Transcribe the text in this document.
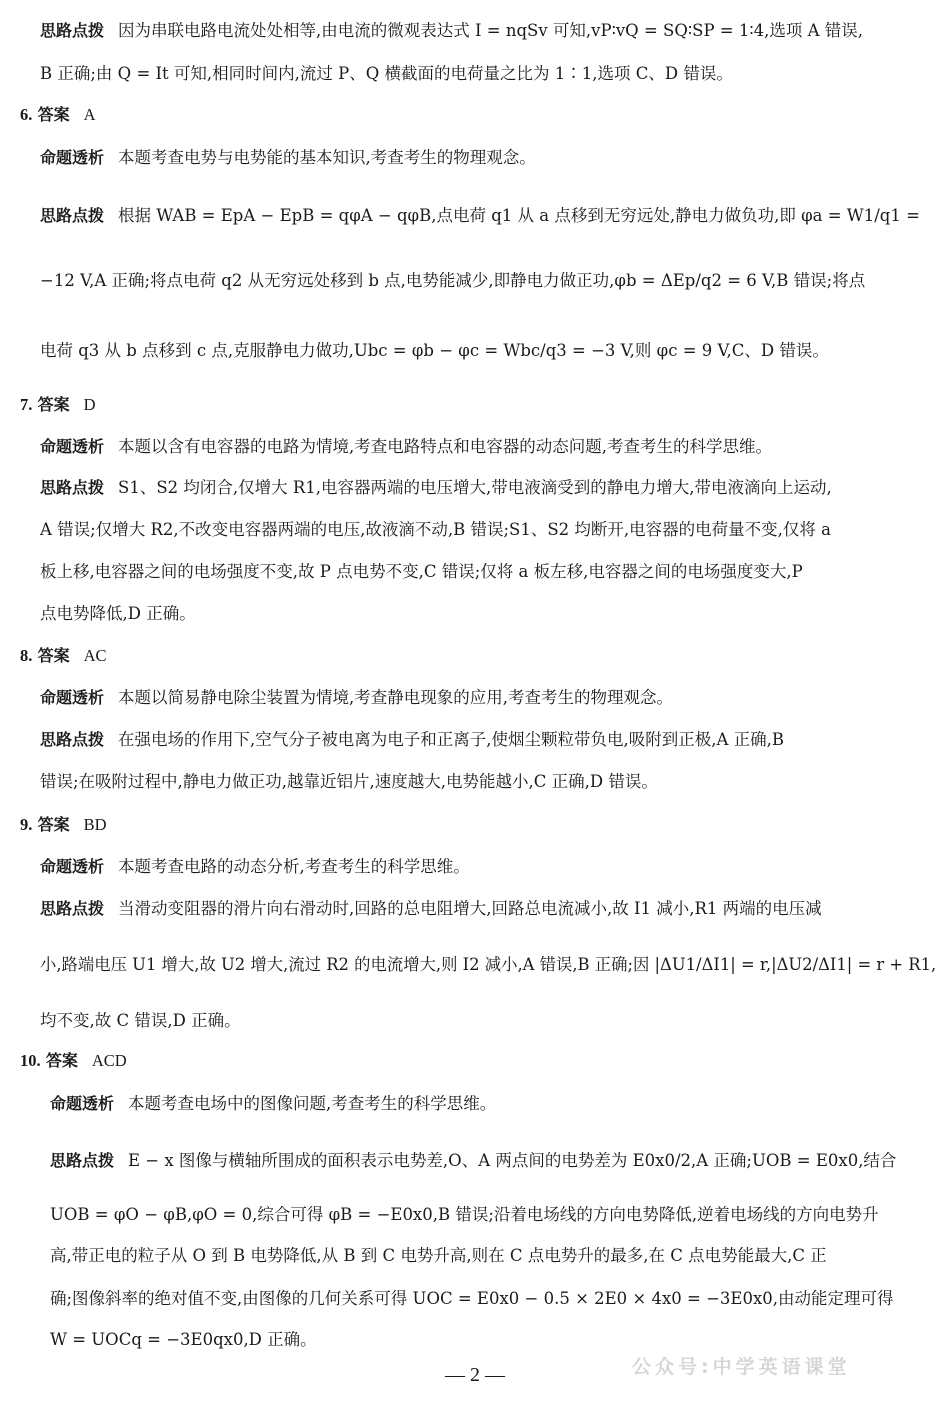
思路点拨 因为串联电路电流处处相等,由电流的微观表达式 I = nqSv 可知,vP∶vQ = SQ∶SP = 1∶4,选项 A 错误,
B 正确;由 Q = It 可知,相同时间内,流过 P、Q 横截面的电荷量之比为 1∶1,选项 C、D 错误。
6. 答案 A
命题透析 本题考查电势与电势能的基本知识,考查考生的物理观念。
思路点拨 根据 WAB = EpA − EpB = qφA − qφB,点电荷 q1 从 a 点移到无穷远处,静电力做负功,即 φa = W1/q1 =
−12 V,A 正确;将点电荷 q2 从无穷远处移到 b 点,电势能减少,即静电力做正功,φb = ΔEp/q2 = 6 V,B 错误;将点
电荷 q3 从 b 点移到 c 点,克服静电力做功,Ubc = φb − φc = Wbc/q3 = −3 V,则 φc = 9 V,C、D 错误。
7. 答案 D
命题透析 本题以含有电容器的电路为情境,考查电路特点和电容器的动态问题,考查考生的科学思维。
思路点拨 S1、S2 均闭合,仅增大 R1,电容器两端的电压增大,带电液滴受到的静电力增大,带电液滴向上运动,
A 错误;仅增大 R2,不改变电容器两端的电压,故液滴不动,B 错误;S1、S2 均断开,电容器的电荷量不变,仅将 a
板上移,电容器之间的电场强度不变,故 P 点电势不变,C 错误;仅将 a 板左移,电容器之间的电场强度变大,P
点电势降低,D 正确。
8. 答案 AC
命题透析 本题以简易静电除尘装置为情境,考查静电现象的应用,考查考生的物理观念。
思路点拨 在强电场的作用下,空气分子被电离为电子和正离子,使烟尘颗粒带负电,吸附到正极,A 正确,B
错误;在吸附过程中,静电力做正功,越靠近铝片,速度越大,电势能越小,C 正确,D 错误。
9. 答案 BD
命题透析 本题考查电路的动态分析,考查考生的科学思维。
思路点拨 当滑动变阻器的滑片向右滑动时,回路的总电阻增大,回路总电流减小,故 I1 减小,R1 两端的电压减
小,路端电压 U1 增大,故 U2 增大,流过 R2 的电流增大,则 I2 减小,A 错误,B 正确;因 |ΔU1/ΔI1| = r,|ΔU2/ΔI1| = r + R1,
均不变,故 C 错误,D 正确。
10. 答案 ACD
命题透析 本题考查电场中的图像问题,考查考生的科学思维。
思路点拨 E − x 图像与横轴所围成的面积表示电势差,O、A 两点间的电势差为 E0x0/2,A 正确;UOB = E0x0,结合
UOB = φO − φB,φO = 0,综合可得 φB = −E0x0,B 错误;沿着电场线的方向电势降低,逆着电场线的方向电势升
高,带正电的粒子从 O 到 B 电势降低,从 B 到 C 电势升高,则在 C 点电势升的最多,在 C 点电势能最大,C 正
确;图像斜率的绝对值不变,由图像的几何关系可得 UOC = E0x0 − 0.5 × 2E0 × 4x0 = −3E0x0,由动能定理可得
W = UOCq = −3E0qx0,D 正确。
— 2 —	公众号:中学英语课堂
